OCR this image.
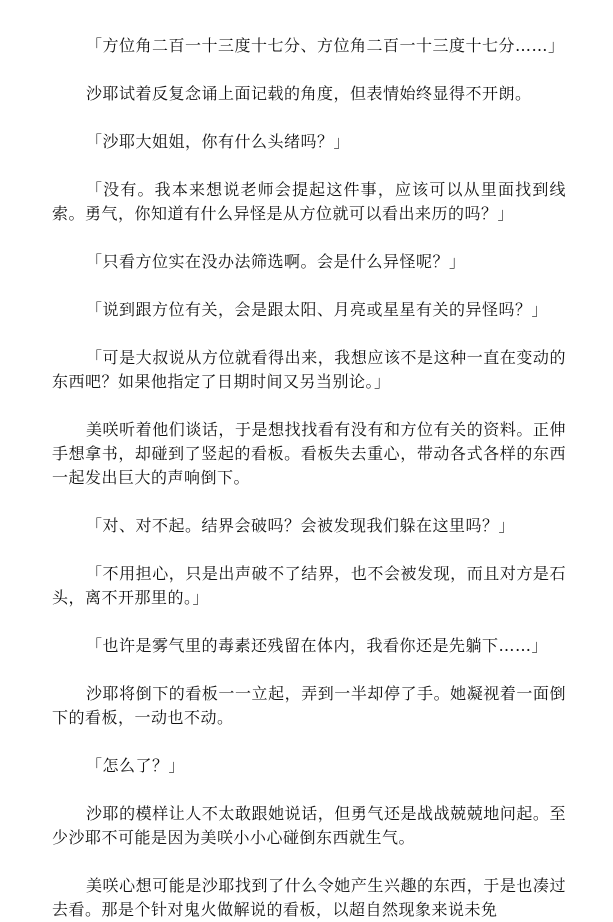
「方位角二百一十三度十七分、方位角二百一十三度十七分……」

沙耶试着反复念诵上面记载的角度，但表情始终显得不开朗。

「沙耶大姐姐，你有什么头绪吗？」

「没有。我本来想说老师会提起这件事，应该可以从里面找到线索。勇气，你知道有什么异怪是从方位就可以看出来历的吗？」

「只看方位实在没办法筛选啊。会是什么异怪呢？」

「说到跟方位有关，会是跟太阳、月亮或星星有关的异怪吗？」

「可是大叔说从方位就看得出来，我想应该不是这种一直在变动的东西吧？如果他指定了日期时间又另当别论。」

美咲听着他们谈话，于是想找找看有没有和方位有关的资料。正伸手想拿书，却碰到了竖起的看板。看板失去重心，带动各式各样的东西一起发出巨大的声响倒下。

「对、对不起。结界会破吗？会被发现我们躲在这里吗？」

「不用担心，只是出声破不了结界，也不会被发现，而且对方是石头，离不开那里的。」

「也许是雾气里的毒素还残留在体内，我看你还是先躺下……」

沙耶将倒下的看板一一立起，弄到一半却停了手。她凝视着一面倒下的看板，一动也不动。

「怎么了？」

沙耶的模样让人不太敢跟她说话，但勇气还是战战兢兢地问起。至少沙耶不可能是因为美咲小小心碰倒东西就生气。

美咲心想可能是沙耶找到了什么令她产生兴趣的东西，于是也凑过去看。那是个针对鬼火做解说的看板，以超自然现象来说未免
